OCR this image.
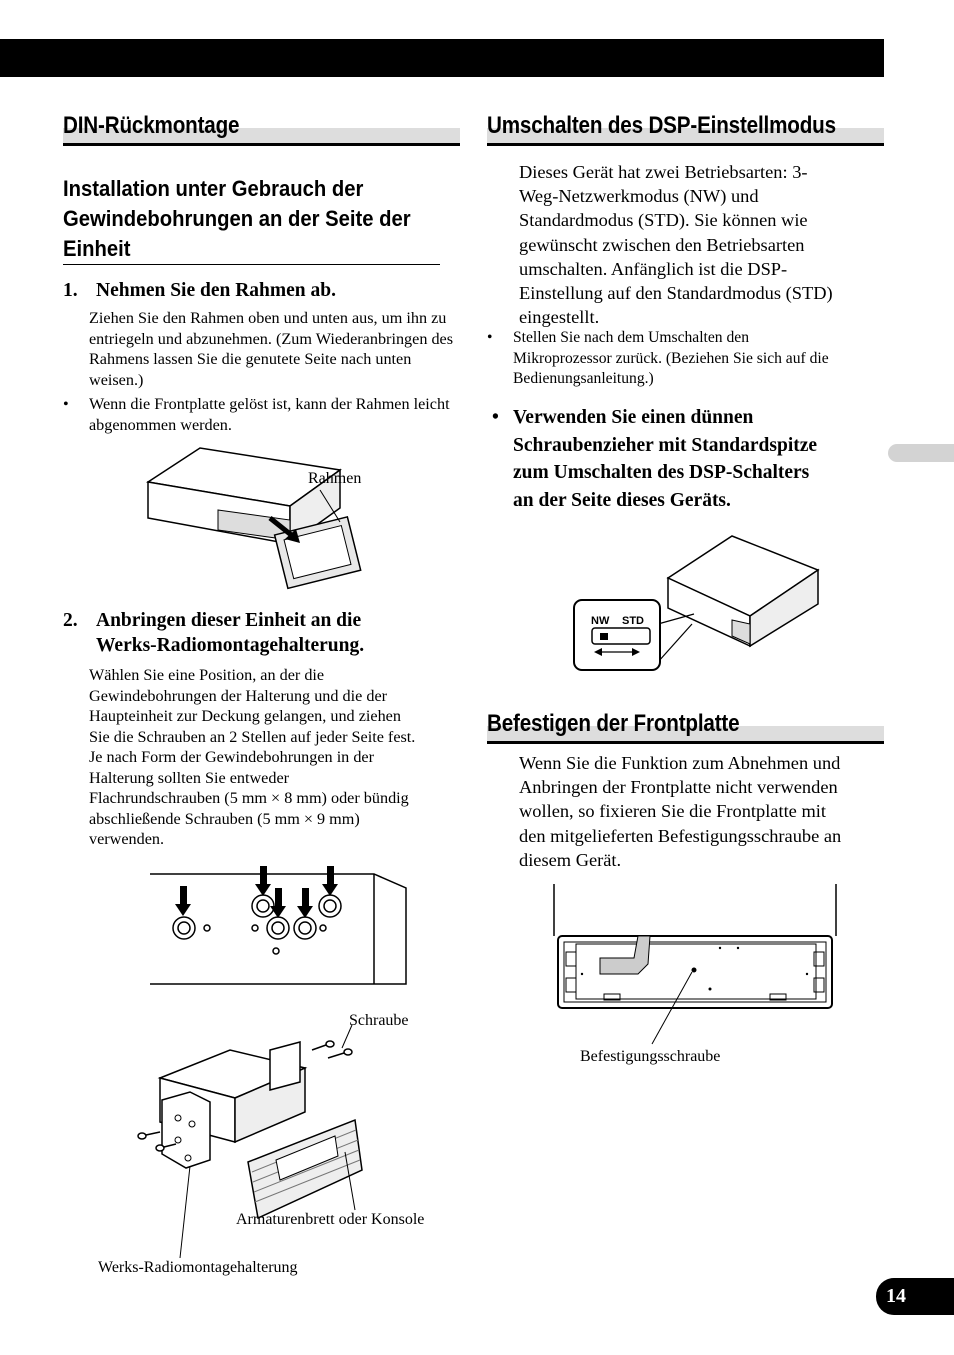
DIN-Rückmontage
Installation unter Gebrauch der
Gewindebohrungen an der Seite der
Einheit
1. Nehmen Sie den Rahmen ab.
Ziehen Sie den Rahmen oben und unten aus, um ihn zu entriegeln und abzunehmen. (Zum Wiederanbringen des Rahmens lassen Sie die genutete Seite nach unten weisen.)
• Wenn die Frontplatte gelöst ist, kann der Rahmen leicht abgenommen werden.
Rahmen
2. Anbringen dieser Einheit an die
Werks-Radiomontagehalterung.
Wählen Sie eine Position, an der die
Gewindebohrungen der Halterung und die der
Haupteinheit zur Deckung gelangen, und ziehen
Sie die Schrauben an 2 Stellen auf jeder Seite fest.
Je nach Form der Gewindebohrungen in der
Halterung sollten Sie entweder
Flachrundschrauben (5 mm × 8 mm) oder bündig
abschließende Schrauben (5 mm × 9 mm)
verwenden.
Schraube
Armaturenbrett oder Konsole
Werks-Radiomontagehalterung
Umschalten des DSP-Einstellmodus
Dieses Gerät hat zwei Betriebsarten: 3-
Weg-Netzwerkmodus (NW) und
Standardmodus (STD). Sie können wie
gewünscht zwischen den Betriebsarten
umschalten. Anfänglich ist die DSP-
Einstellung auf den Standardmodus (STD)
eingestellt.
• Stellen Sie nach dem Umschalten den
Mikroprozessor zurück. (Beziehen Sie sich auf die
Bedienungsanleitung.)
• Verwenden Sie einen dünnen
Schraubenzieher mit Standardspitze
zum Umschalten des DSP-Schalters
an der Seite dieses Geräts.
NW STD
Befestigen der Frontplatte
Wenn Sie die Funktion zum Abnehmen und
Anbringen der Frontplatte nicht verwenden
wollen, so fixieren Sie die Frontplatte mit
den mitgelieferten Befestigungsschraube an
diesem Gerät.
Befestigungsschraube
14
